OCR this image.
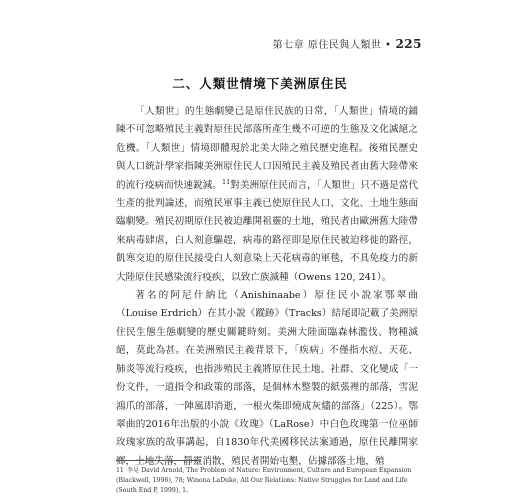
第七章 原住民與人類世 • 225
二、人類世情境下美洲原住民

「人類世」的生態劇變已是原住民族的日常，「人類世」情境的鋪陳不可忽略殖民主義對原住民部落所產生幾不可逆的生態及文化滅絕之危機。「人類世」情境即體現於北美大陸之殖民歷史進程。後殖民歷史與人口統計學家指陳美洲原住民人口因殖民主義及殖民者由舊大陸帶來的流行疫病而快速銳減。$^{11}$對美洲原住民而言，「人類世」只不過是當代生產的批判論述，而殖民軍事主義已使原住民人口、文化、土地生態面臨劇變。殖民初期原住民被迫離開祖靈的土地，殖民者由歐洲舊大陸帶來病毒肆虐，白人刻意驅趕，病毒的路徑即是原住民被迫移徙的路徑，飢寒交迫的原住民接受白人刻意染上天花病毒的軍毯，不具免疫力的新大陸原住民感染流行疫疾，以致亡族滅種（Owens 120, 241）。

著名的阿尼什納比（Anishinaabe）原住民小說家鄂翠曲（Louise Erdrich）在其小說《蹤跡》（Tracks）結尾即記載了美洲原住民生態生態劇變的歷史關鍵時刻。美洲大陸面臨森林濫伐、物種滅絕，莫此為甚。在美洲殖民主義背景下，「疾病」不僅指水痘、天花、肺炎等流行疫疾，也指涉殖民主義將原住民土地、社群、文化變成「一份文件，一道指令和政策的部落，是個林木整製的紙張裡的部落，雪泥鴻爪的部落，一陣風即消逝，一根火柴即燒成灰燼的部落」（225）。鄂翠曲的2016年出版的小說《玫瑰》（LaRose）中白色玫瑰第一位巫師玫瑰家族的故事講起，自1830年代美國移民法案通過，原住民離開家鄉，土地失落，靜靈消散，殖民者開始屯墾，佔據部落土地，殖

11 李見 David Arnold, The Problem of Nature: Environment, Culture and European Expansion (Blackwell, 1996), 78; Winona LaDuke, All Our Relations: Native Struggles for Land and Life (South End P, 1999), 1。
